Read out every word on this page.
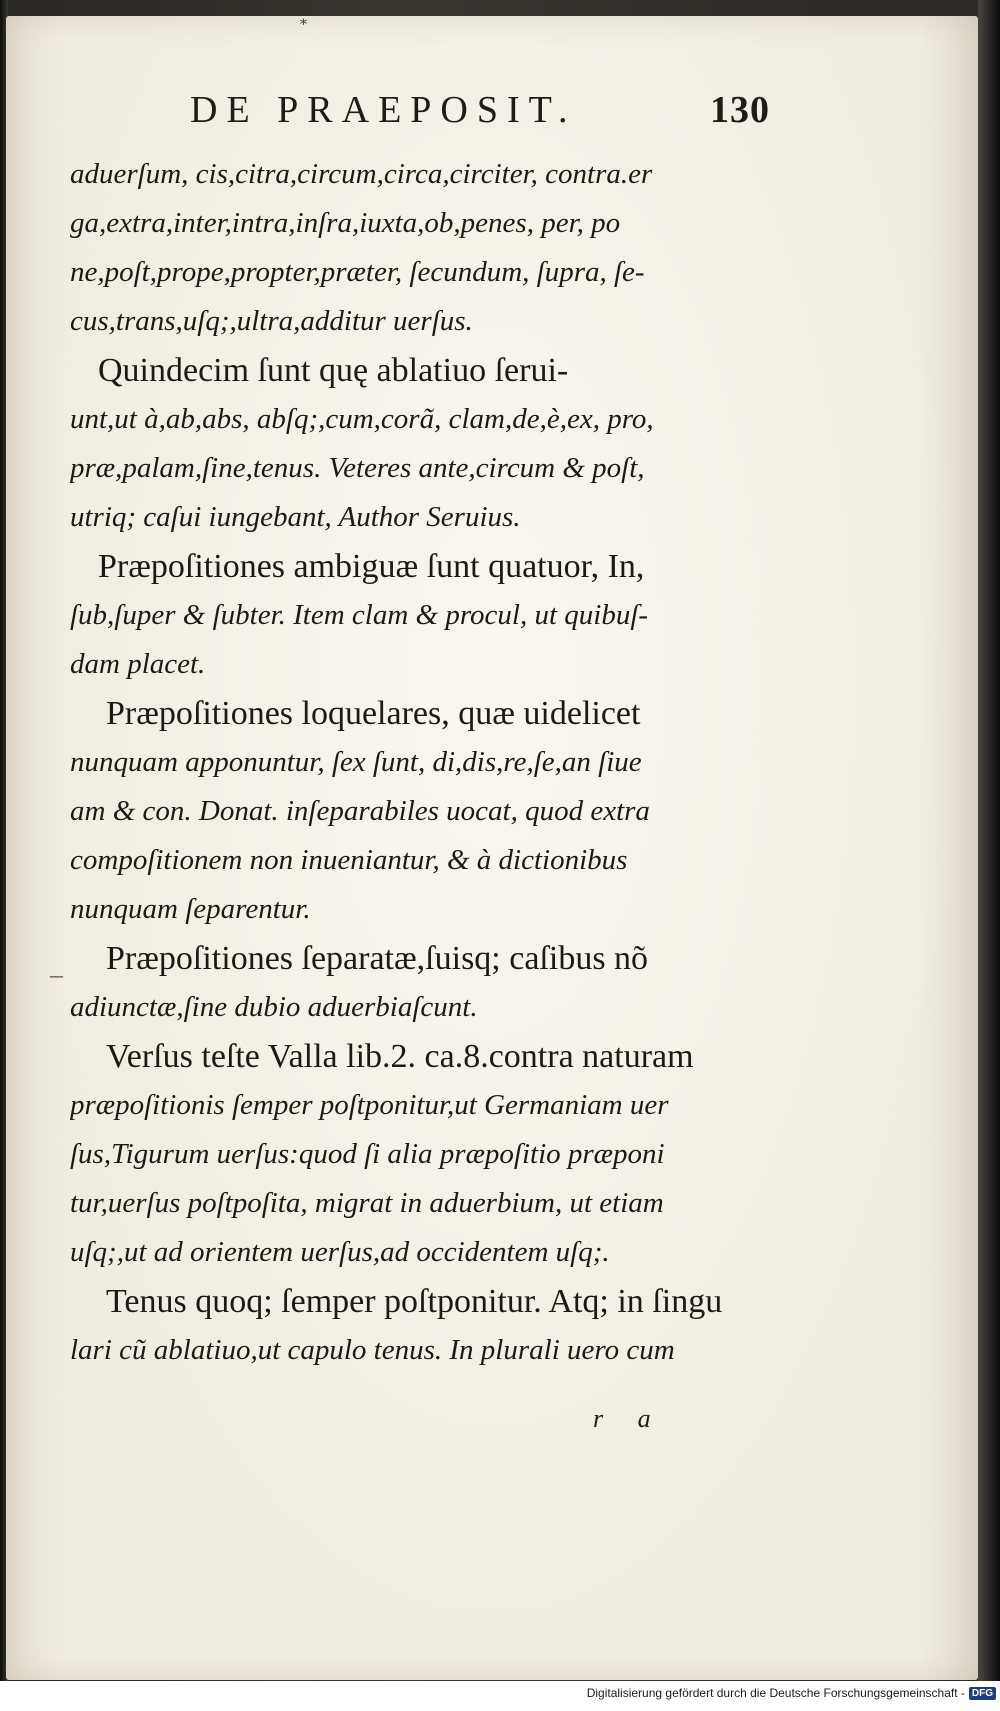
*
DE PRAEPOSIT.	130
–
aduerſum, cis,citra,circum,circa,circiter, contra.er
ga,extra,inter,intra,inſra,iuxta,ob,penes, per, po
ne,poſt,prope,propter,præter, ſecundum, ſupra, ſe-
cus,trans,uſq;,ultra,additur uerſus.
Quindecim ſunt quę ablatiuo ſerui-
unt,ut à,ab,abs, abſq;,cum,corã, clam,de,è,ex, pro,
præ,palam,ſine,tenus. Veteres ante,circum & poſt,
utriq; caſui iungebant, Author Seruius.
Præpoſitiones ambiguæ ſunt quatuor, In,
ſub,ſuper & ſubter. Item clam & procul, ut quibuſ-
dam placet.
Præpoſitiones loquelares, quæ uidelicet
nunquam apponuntur, ſex ſunt, di,dis,re,ſe,an ſiue
am & con. Donat. inſeparabiles uocat, quod extra
compoſitionem non inueniantur, & à dictionibus
nunquam ſeparentur.
Præpoſitiones ſeparatæ,ſuisq; caſibus nõ
adiunctæ,ſine dubio aduerbiaſcunt.
Verſus teſte Valla lib.2. ca.8.contra naturam
præpoſitionis ſemper poſtponitur,ut Germaniam uer
ſus,Tigurum uerſus:quod ſi alia præpoſitio præponi
tur,uerſus poſtpoſita, migrat in aduerbium, ut etiam
uſq;,ut ad orientem uerſus,ad occidentem uſq;.
Tenus quoq; ſemper poſtponitur. Atq; in ſingu
lari cũ ablatiuo,ut capulo tenus. In plurali uero cum
r a
Digitalisierung gefördert durch die Deutsche Forschungsgemeinschaft - DFG
